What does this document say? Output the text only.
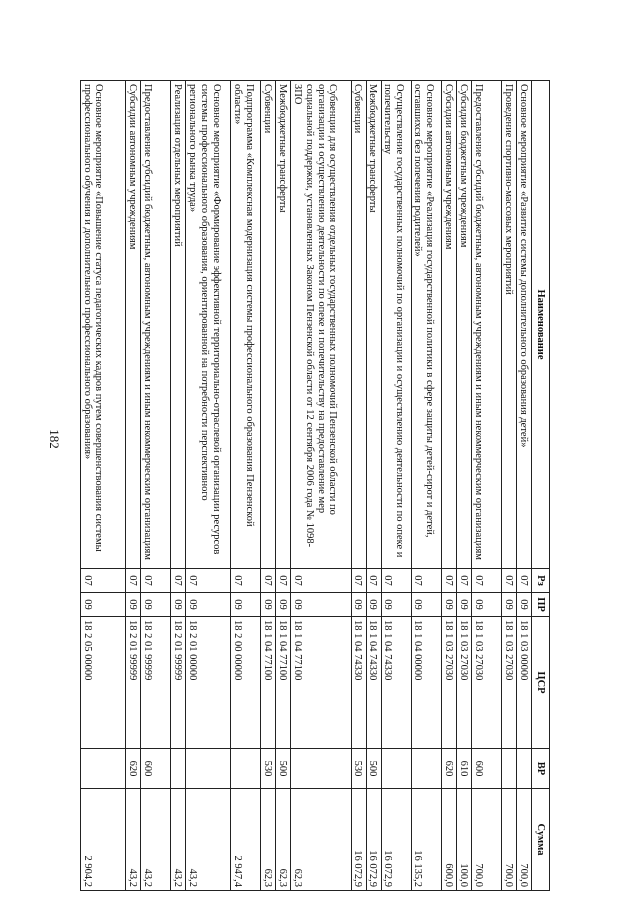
182
Наименование	Рз	ПР	ЦСР	ВР	Сумма
Основное мероприятие «Развитие системы дополнительного образования детей»	07	09	18 1 03 00000		700,0
Проведение спортивно-массовых мероприятий	07	09	18 1 03 27030		700,0
Предоставление субсидий бюджетным, автономным учреждениям и иным некоммерческим организациям	07	09	18 1 03 27030	600	700,0
Субсидии бюджетным учреждениям	07	09	18 1 03 27030	610	100,0
Субсидии автономным учреждениям	07	09	18 1 03 27030	620	600,0
Основное мероприятие «Реализация государственной политики в сфере защиты детей-сирот и детей, оставшихся без попечения родителей»	07	09	18 1 04 00000		16 135,2
Осуществление государственных полномочий по организации и осуществлению деятельности по опеке и попечительству	07	09	18 1 04 74330		16 072,9
Межбюджетные трансферты	07	09	18 1 04 74330	500	16 072,9
Субвенции	07	09	18 1 04 74330	530	16 072,9
Субвенции для осуществления отдельных государственных полномочий Пензенской области по организации и осуществлению деятельности по опеке и попечительству на предоставление мер социальной поддержки, установленных Законом Пензенской области от 12 сентября 2006 года № 1098-ЗПО	07	09	18 1 04 77100		62,3
Межбюджетные трансферты	07	09	18 1 04 77100	500	62,3
Субвенции	07	09	18 1 04 77100	530	62,3
Подпрограмма «Комплексная модернизация системы профессионального образования Пензенской области»	07	09	18 2 00 00000		2 947,4
Основное мероприятие «Формирование эффективной территориально-отраслевой организации ресурсов системы профессионального образования, ориентированной на потребности перспективного регионального рынка труда»	07	09	18 2 01 00000		43,2
Реализация отдельных мероприятий	07	09	18 2 01 99999		43,2
Предоставление субсидий бюджетным, автономным учреждениям и иным некоммерческим организациям	07	09	18 2 01 99999	600	43,2
Субсидии автономным учреждениям	07	09	18 2 01 99999	620	43,2
Основное мероприятие «Повышение статуса педагогических кадров путем совершенствования системы профессионального обучения и дополнительного профессионального образования»	07	09	18 2 05 00000		2 904,2
